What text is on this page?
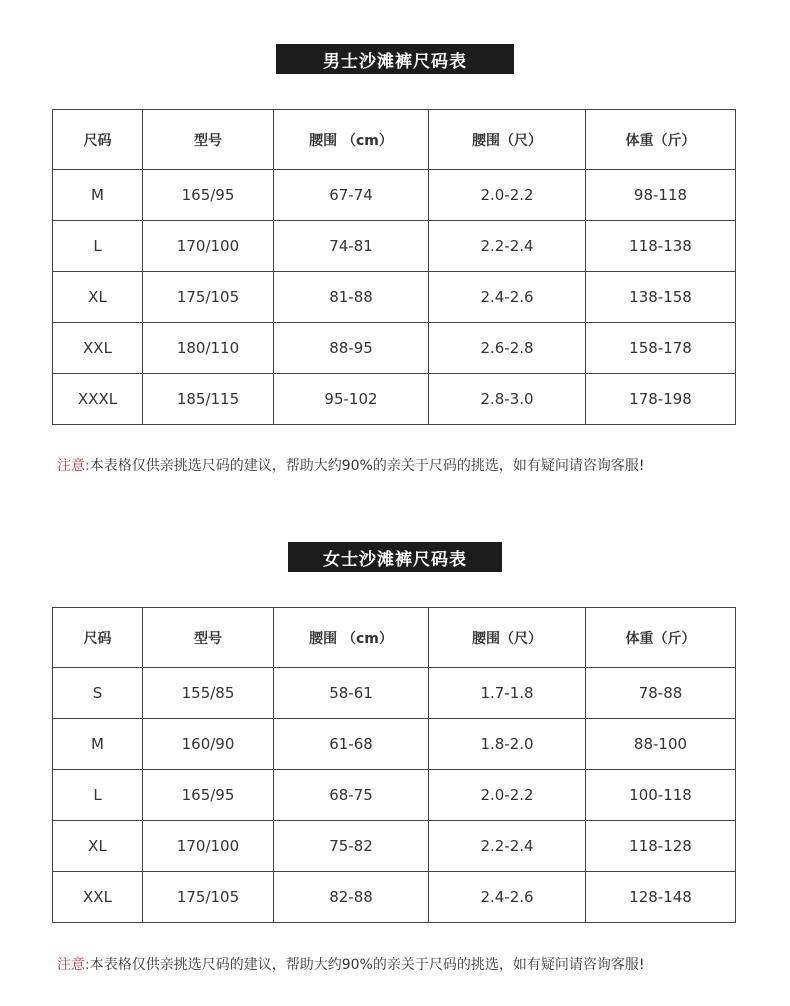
男士沙滩裤尺码表
尺码	型号	腰围 （cm）	腰围（尺）	体重（斤）
M	165/95	67-74	2.0-2.2	98-118
L	170/100	74-81	2.2-2.4	118-138
XL	175/105	81-88	2.4-2.6	138-158
XXL	180/110	88-95	2.6-2.8	158-178
XXXL	185/115	95-102	2.8-3.0	178-198
注意:本表格仅供亲挑选尺码的建议，帮助大约90%的亲关于尺码的挑选，如有疑问请咨询客服!
女士沙滩裤尺码表
尺码	型号	腰围 （cm）	腰围（尺）	体重（斤）
S	155/85	58-61	1.7-1.8	78-88
M	160/90	61-68	1.8-2.0	88-100
L	165/95	68-75	2.0-2.2	100-118
XL	170/100	75-82	2.2-2.4	118-128
XXL	175/105	82-88	2.4-2.6	128-148
注意:本表格仅供亲挑选尺码的建议，帮助大约90%的亲关于尺码的挑选，如有疑问请咨询客服!
